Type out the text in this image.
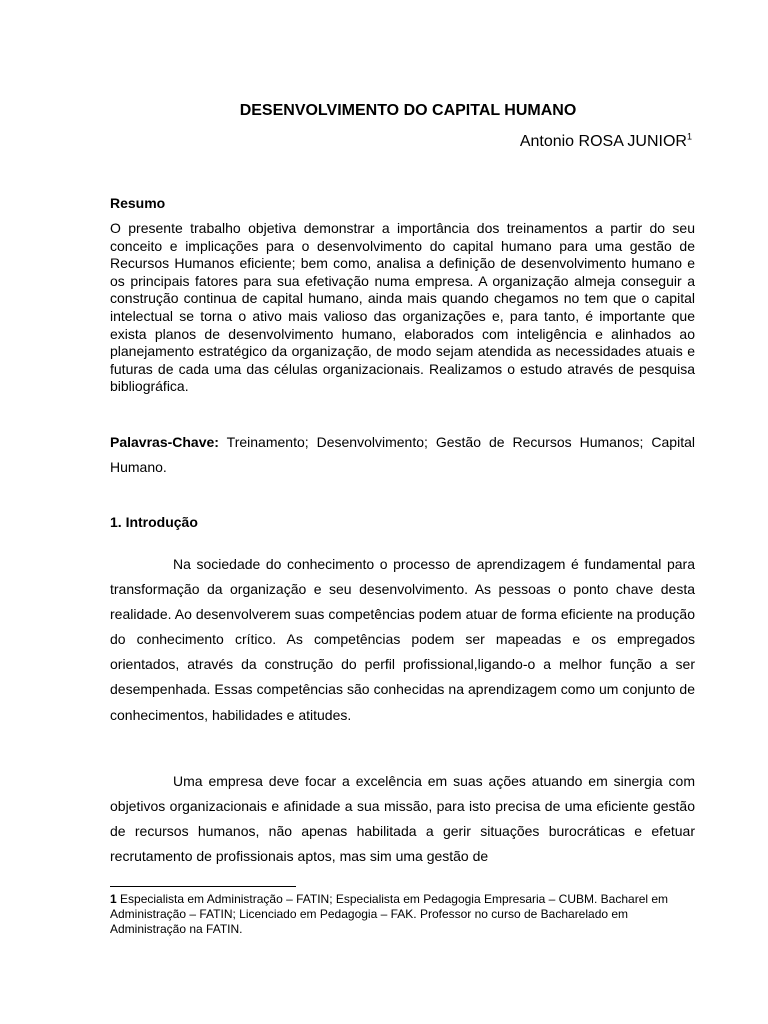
DESENVOLVIMENTO DO CAPITAL HUMANO
Antonio ROSA JUNIOR$^1$
Resumo
O presente trabalho objetiva demonstrar a importância dos treinamentos a partir do seu conceito e implicações para o desenvolvimento do capital humano para uma gestão de Recursos Humanos eficiente; bem como, analisa a definição de desenvolvimento humano e os principais fatores para sua efetivação numa empresa. A organização almeja conseguir a construção continua de capital humano, ainda mais quando chegamos no tem que o capital intelectual se torna o ativo mais valioso das organizações e, para tanto, é importante que exista planos de desenvolvimento humano, elaborados com inteligência e alinhados ao planejamento estratégico da organização, de modo sejam atendida as necessidades atuais e futuras de cada uma das células organizacionais. Realizamos o estudo através de pesquisa bibliográfica.
Palavras-Chave: Treinamento; Desenvolvimento; Gestão de Recursos Humanos; Capital Humano.
1. Introdução
Na sociedade do conhecimento o processo de aprendizagem é fundamental para transformação da organização e seu desenvolvimento. As pessoas o ponto chave desta realidade. Ao desenvolverem suas competências podem atuar de forma eficiente na produção do conhecimento crítico. As competências podem ser mapeadas e os empregados orientados, através da construção do perfil profissional,ligando-o a melhor função a ser desempenhada. Essas competências são conhecidas na aprendizagem como um conjunto de conhecimentos, habilidades e atitudes.
Uma empresa deve focar a excelência em suas ações atuando em sinergia com objetivos organizacionais e afinidade a sua missão, para isto precisa de uma eficiente gestão de recursos humanos, não apenas habilitada a gerir situações burocráticas e efetuar recrutamento de profissionais aptos, mas sim uma gestão de
1 Especialista em Administração – FATIN; Especialista em Pedagogia Empresaria – CUBM. Bacharel em Administração – FATIN; Licenciado em Pedagogia – FAK. Professor no curso de Bacharelado em Administração na FATIN.
